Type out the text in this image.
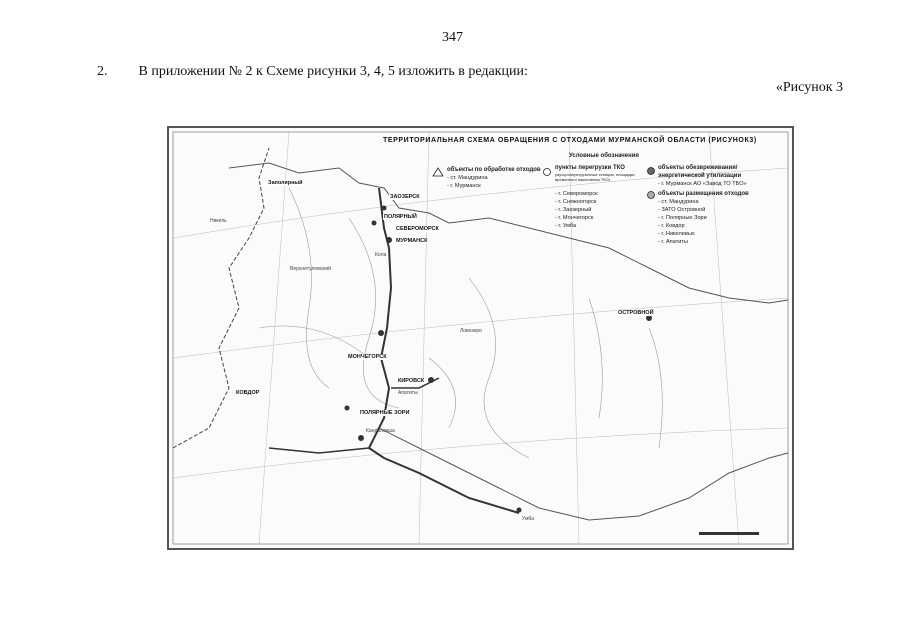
347
2. В приложении № 2 к Схеме рисунки 3, 4, 5 изложить в редакции:
«Рисунок 3
ТЕРРИТОРИАЛЬНАЯ СХЕМА ОБРАЩЕНИЯ С ОТХОДАМИ МУРМАНСКОЙ ОБЛАСТИ (РИСУНОК3)
Условные обозначения
объекты по обработке отходов
- ст. Мандурина
- г. Мурманск
пункты перегрузки ТКО
(мусороперегрузочные станции, площадки временного накопления ТКО)
- г. Североморск
- г. Снежногорск
- г. Заозерный
- г. Мончегорск
- г. Умба
объекты обезвреживания/энергетической утилизации
- г. Мурманск АО «Завод ТО ТБО»
объекты размещения отходов
- ст. Мандурина
- ЗАТО Островной
- г. Полярные Зори
- г. Ковдор
- г. Никелевых
- г. Апатиты
Заполярный
ЗАОЗЕРСК
ПОЛЯРНЫЙ
СЕВЕРОМОРСК
МУРМАНСК
Кола
МОНЧЕГОРСК
КИРОВСК
Апатиты
КОВДОР
ПОЛЯРНЫЕ ЗОРИ
Кандалакша
ОСТРОВНОЙ
Умба
Ловозеро
Верхнетуломский
Никель
